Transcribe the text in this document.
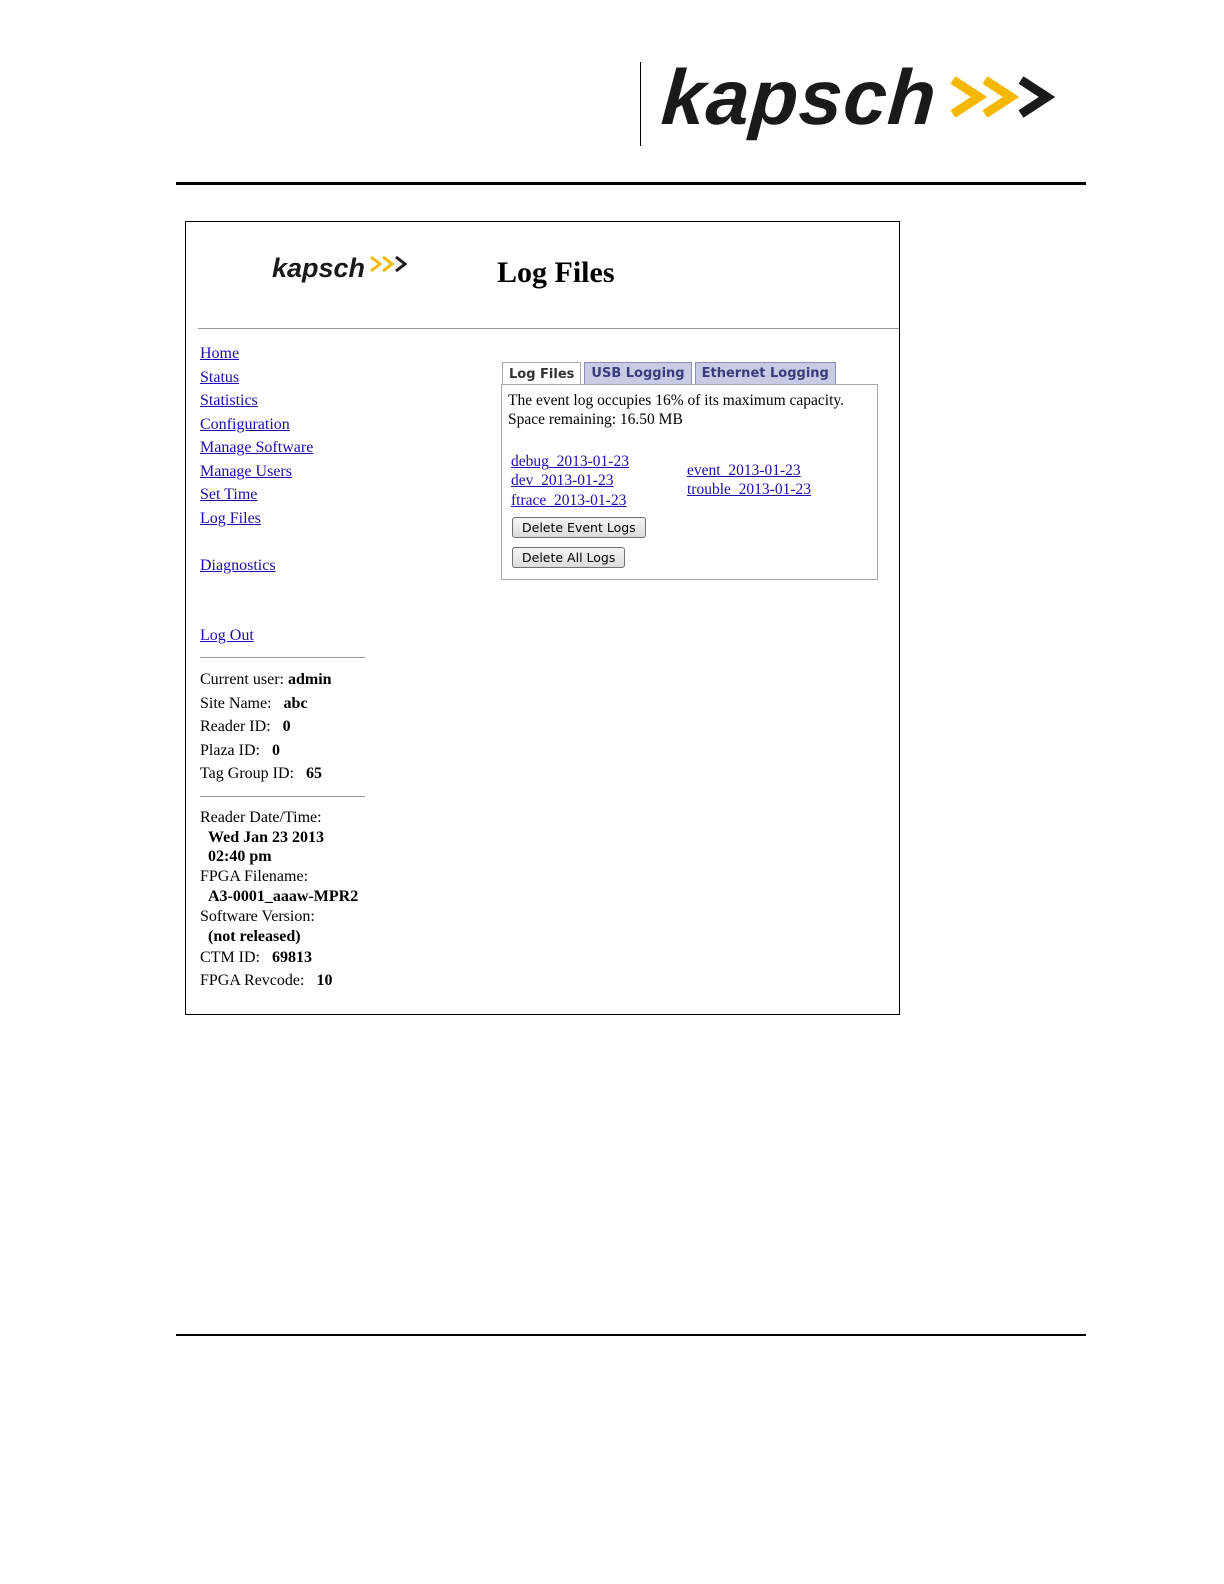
kapsch
kapsch	Log Files
Home
Status
Statistics
Configuration
Manage Software
Manage Users
Set Time
Log Files
Diagnostics
Log Out
Current user: admin
Site Name: abc
Reader ID: 0
Plaza ID: 0
Tag Group ID: 65
Reader Date/Time:
Wed Jan 23 2013
02:40 pm
FPGA Filename:
A3-0001_aaaw-MPR2
Software Version:
(not released)
CTM ID: 69813
FPGA Revcode: 10
Log Files	USB Logging	Ethernet Logging
The event log occupies 16% of its maximum capacity.
Space remaining: 16.50 MB
debug_2013-01-23
dev_2013-01-23
ftrace_2013-01-23
event_2013-01-23
trouble_2013-01-23
Delete Event Logs
Delete All Logs
